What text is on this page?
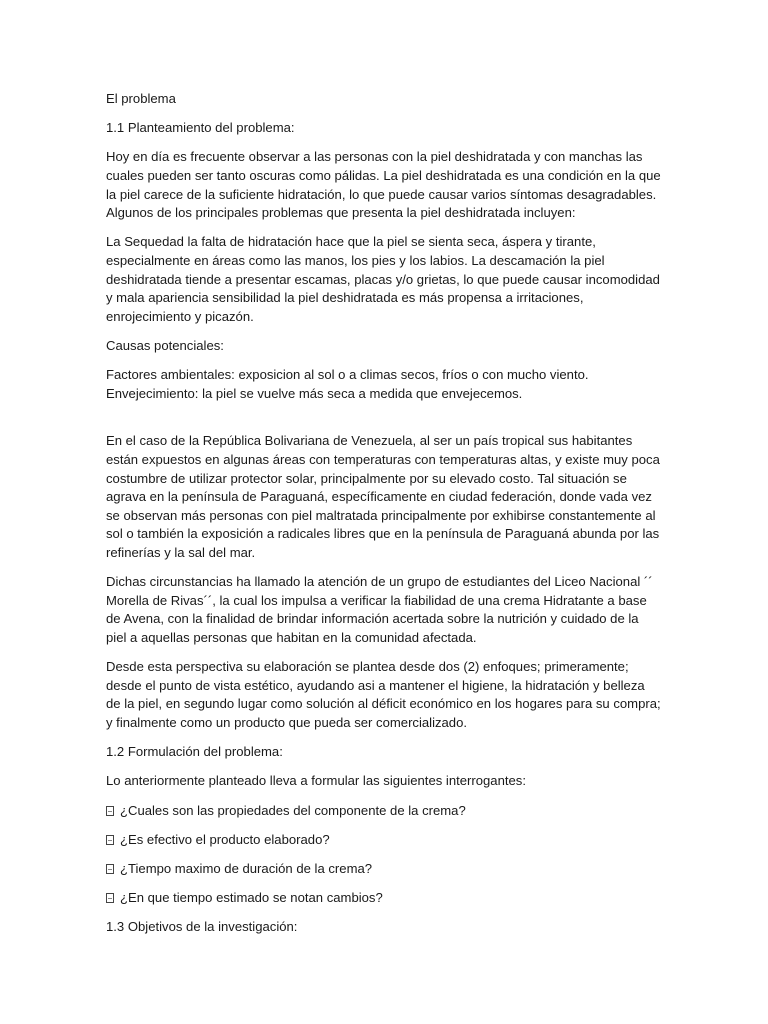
El problema

1.1 Planteamiento del problema:

Hoy en día es frecuente observar a las personas con la piel deshidratada y con manchas las cuales pueden ser tanto oscuras como pálidas. La piel deshidratada es una condición en la que la piel carece de la suficiente hidratación, lo que puede causar varios síntomas desagradables. Algunos de los principales problemas que presenta la piel deshidratada incluyen:

La Sequedad la falta de hidratación hace que la piel se sienta seca, áspera y tirante, especialmente en áreas como las manos, los pies y los labios. La descamación la piel deshidratada tiende a presentar escamas, placas y/o grietas, lo que puede causar incomodidad y mala apariencia sensibilidad la piel deshidratada es más propensa a irritaciones, enrojecimiento y picazón.

Causas potenciales:

Factores ambientales: exposicion al sol o a climas secos, fríos o con mucho viento. Envejecimiento: la piel se vuelve más seca a medida que envejecemos.

En el caso de la República Bolivariana de Venezuela, al ser un país tropical sus habitantes están expuestos en algunas áreas con temperaturas con temperaturas altas, y existe muy poca costumbre de utilizar protector solar, principalmente por su elevado costo. Tal situación se agrava en la península de Paraguaná, específicamente en ciudad federación, donde vada vez se observan más personas con piel maltratada principalmente por exhibirse constantemente al sol o también la exposición a radicales libres que en la península de Paraguaná abunda por las refinerías y la sal del mar.

Dichas circunstancias ha llamado la atención de un grupo de estudiantes del Liceo Nacional ´´ Morella de Rivas´´, la cual los impulsa a verificar la fiabilidad de una crema Hidratante a base de Avena, con la finalidad de brindar información acertada sobre la nutrición y cuidado de la piel a aquellas personas que habitan en la comunidad afectada.

Desde esta perspectiva su elaboración se plantea desde dos (2) enfoques; primeramente; desde el punto de vista estético, ayudando asi a mantener el higiene, la hidratación y belleza de la piel, en segundo lugar como solución al déficit económico en los hogares para su compra; y finalmente como un producto que pueda ser comercializado.

1.2 Formulación del problema:

Lo anteriormente planteado lleva a formular las siguientes interrogantes:

¿Cuales son las propiedades del componente de la crema?

¿Es efectivo el producto elaborado?

¿Tiempo maximo de duración de la crema?

¿En que tiempo estimado se notan cambios?

1.3 Objetivos de la investigación:
